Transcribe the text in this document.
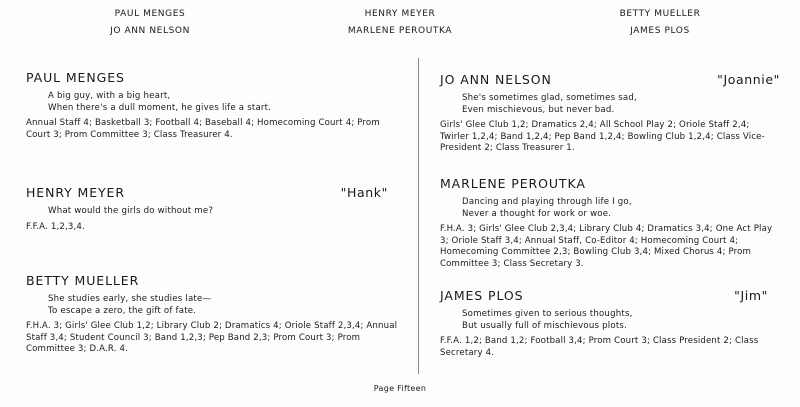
PAUL MENGES
JO ANN NELSON
HENRY MEYER
MARLENE PEROUTKA
BETTY MUELLER
JAMES PLOS
PAUL MENGES
A big guy, with a big heart,
When there's a dull moment, he gives life a start.
Annual Staff 4; Basketball 3; Football 4; Baseball 4; Homecoming Court 4; Prom Court 3; Prom Committee 3; Class Treasurer 4.
HENRY MEYER	"Hank"
What would the girls do without me?
F.F.A. 1,2,3,4.
BETTY MUELLER
She studies early, she studies late—
To escape a zero, the gift of fate.
F.H.A. 3; Girls' Glee Club 1,2; Library Club 2; Dramatics 4; Oriole Staff 2,3,4; Annual Staff 3,4; Student Council 3; Band 1,2,3; Pep Band 2,3; Prom Court 3; Prom Committee 3; D.A.R. 4.
JO ANN NELSON	"Joannie"
She's sometimes glad, sometimes sad,
Even mischievous, but never bad.
Girls' Glee Club 1,2; Dramatics 2,4; All School Play 2; Oriole Staff 2,4; Twirler 1,2,4; Band 1,2,4; Pep Band 1,2,4; Bowling Club 1,2,4; Class Vice-President 2; Class Treasurer 1.
MARLENE PEROUTKA
Dancing and playing through life I go,
Never a thought for work or woe.
F.H.A. 3; Girls' Glee Club 2,3,4; Library Club 4; Dramatics 3,4; One Act Play 3; Oriole Staff 3,4; Annual Staff, Co-Editor 4; Homecoming Court 4; Homecoming Committee 2,3; Bowling Club 3,4; Mixed Chorus 4; Prom Committee 3; Class Secretary 3.
JAMES PLOS	"Jim"
Sometimes given to serious thoughts,
But usually full of mischievous plots.
F.F.A. 1,2; Band 1,2; Football 3,4; Prom Court 3; Class President 2; Class Secretary 4.
Page Fifteen
